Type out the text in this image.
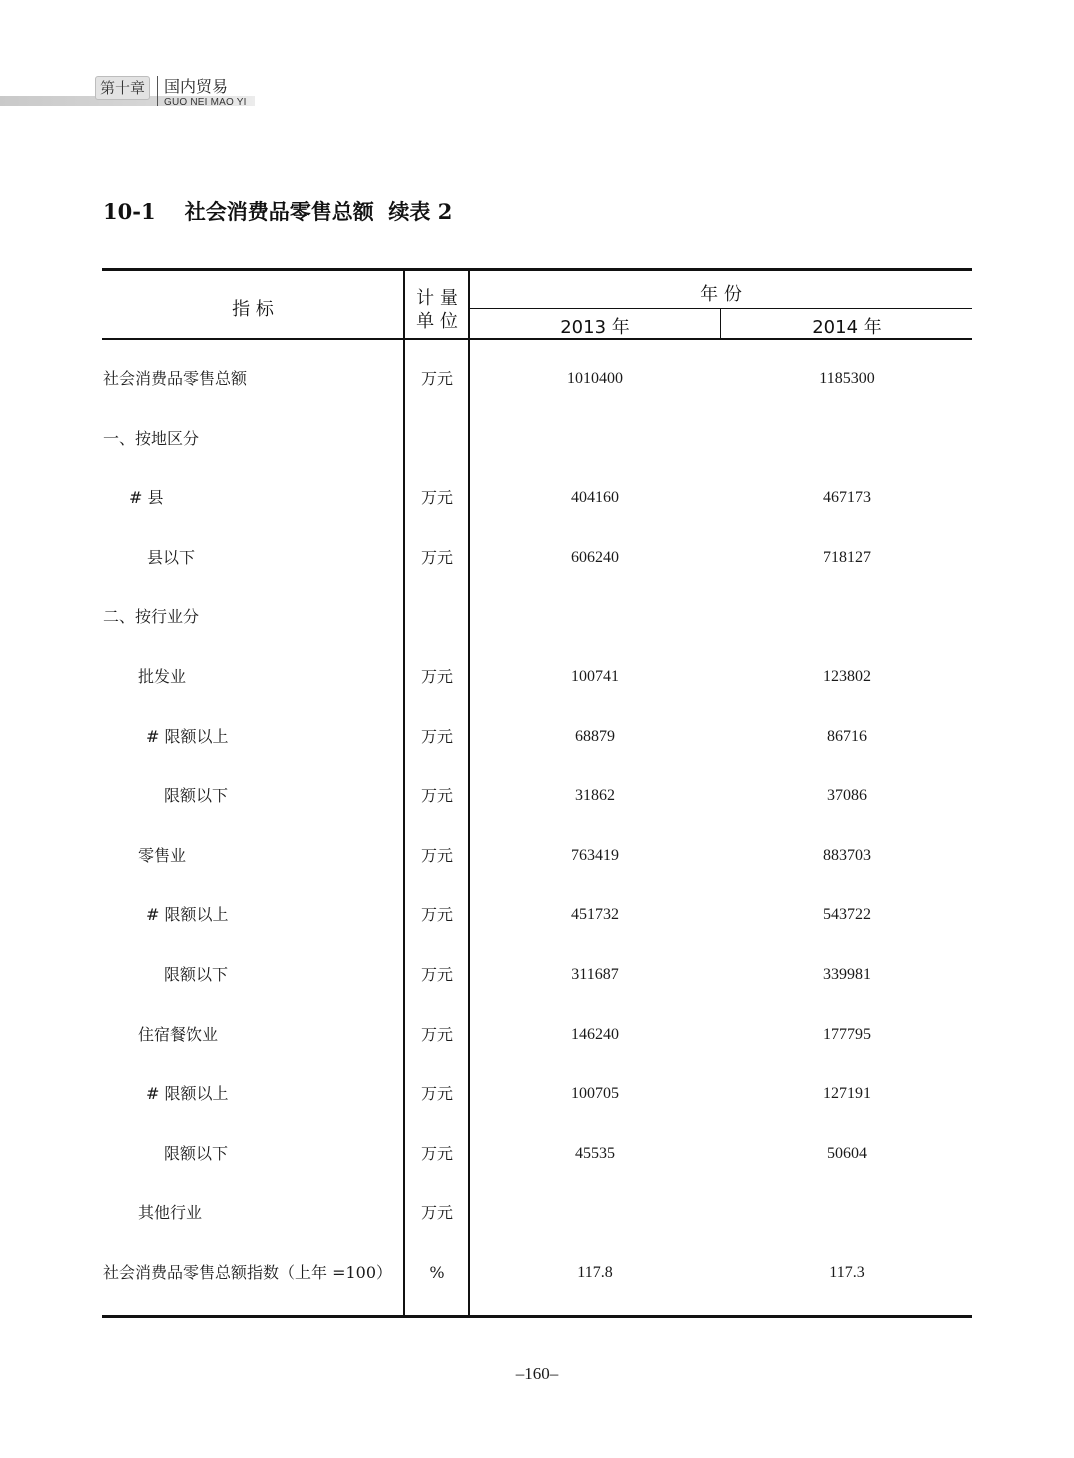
第十章	国内贸易
GUO NEI MAO YI
10-1    社会消费品零售总额  续表 2
指 标
计 量
单 位
年 份
2013 年	2014 年
社会消费品零售总额	万元	1010400	1185300
一、按地区分
# 县	万元	404160	467173
县以下	万元	606240	718127
二、按行业分
批发业	万元	100741	123802
# 限额以上	万元	68879	86716
限额以下	万元	31862	37086
零售业	万元	763419	883703
# 限额以上	万元	451732	543722
限额以下	万元	311687	339981
住宿餐饮业	万元	146240	177795
# 限额以上	万元	100705	127191
限额以下	万元	45535	50604
其他行业	万元
社会消费品零售总额指数（上年 =100）	%	117.8	117.3
–160–
